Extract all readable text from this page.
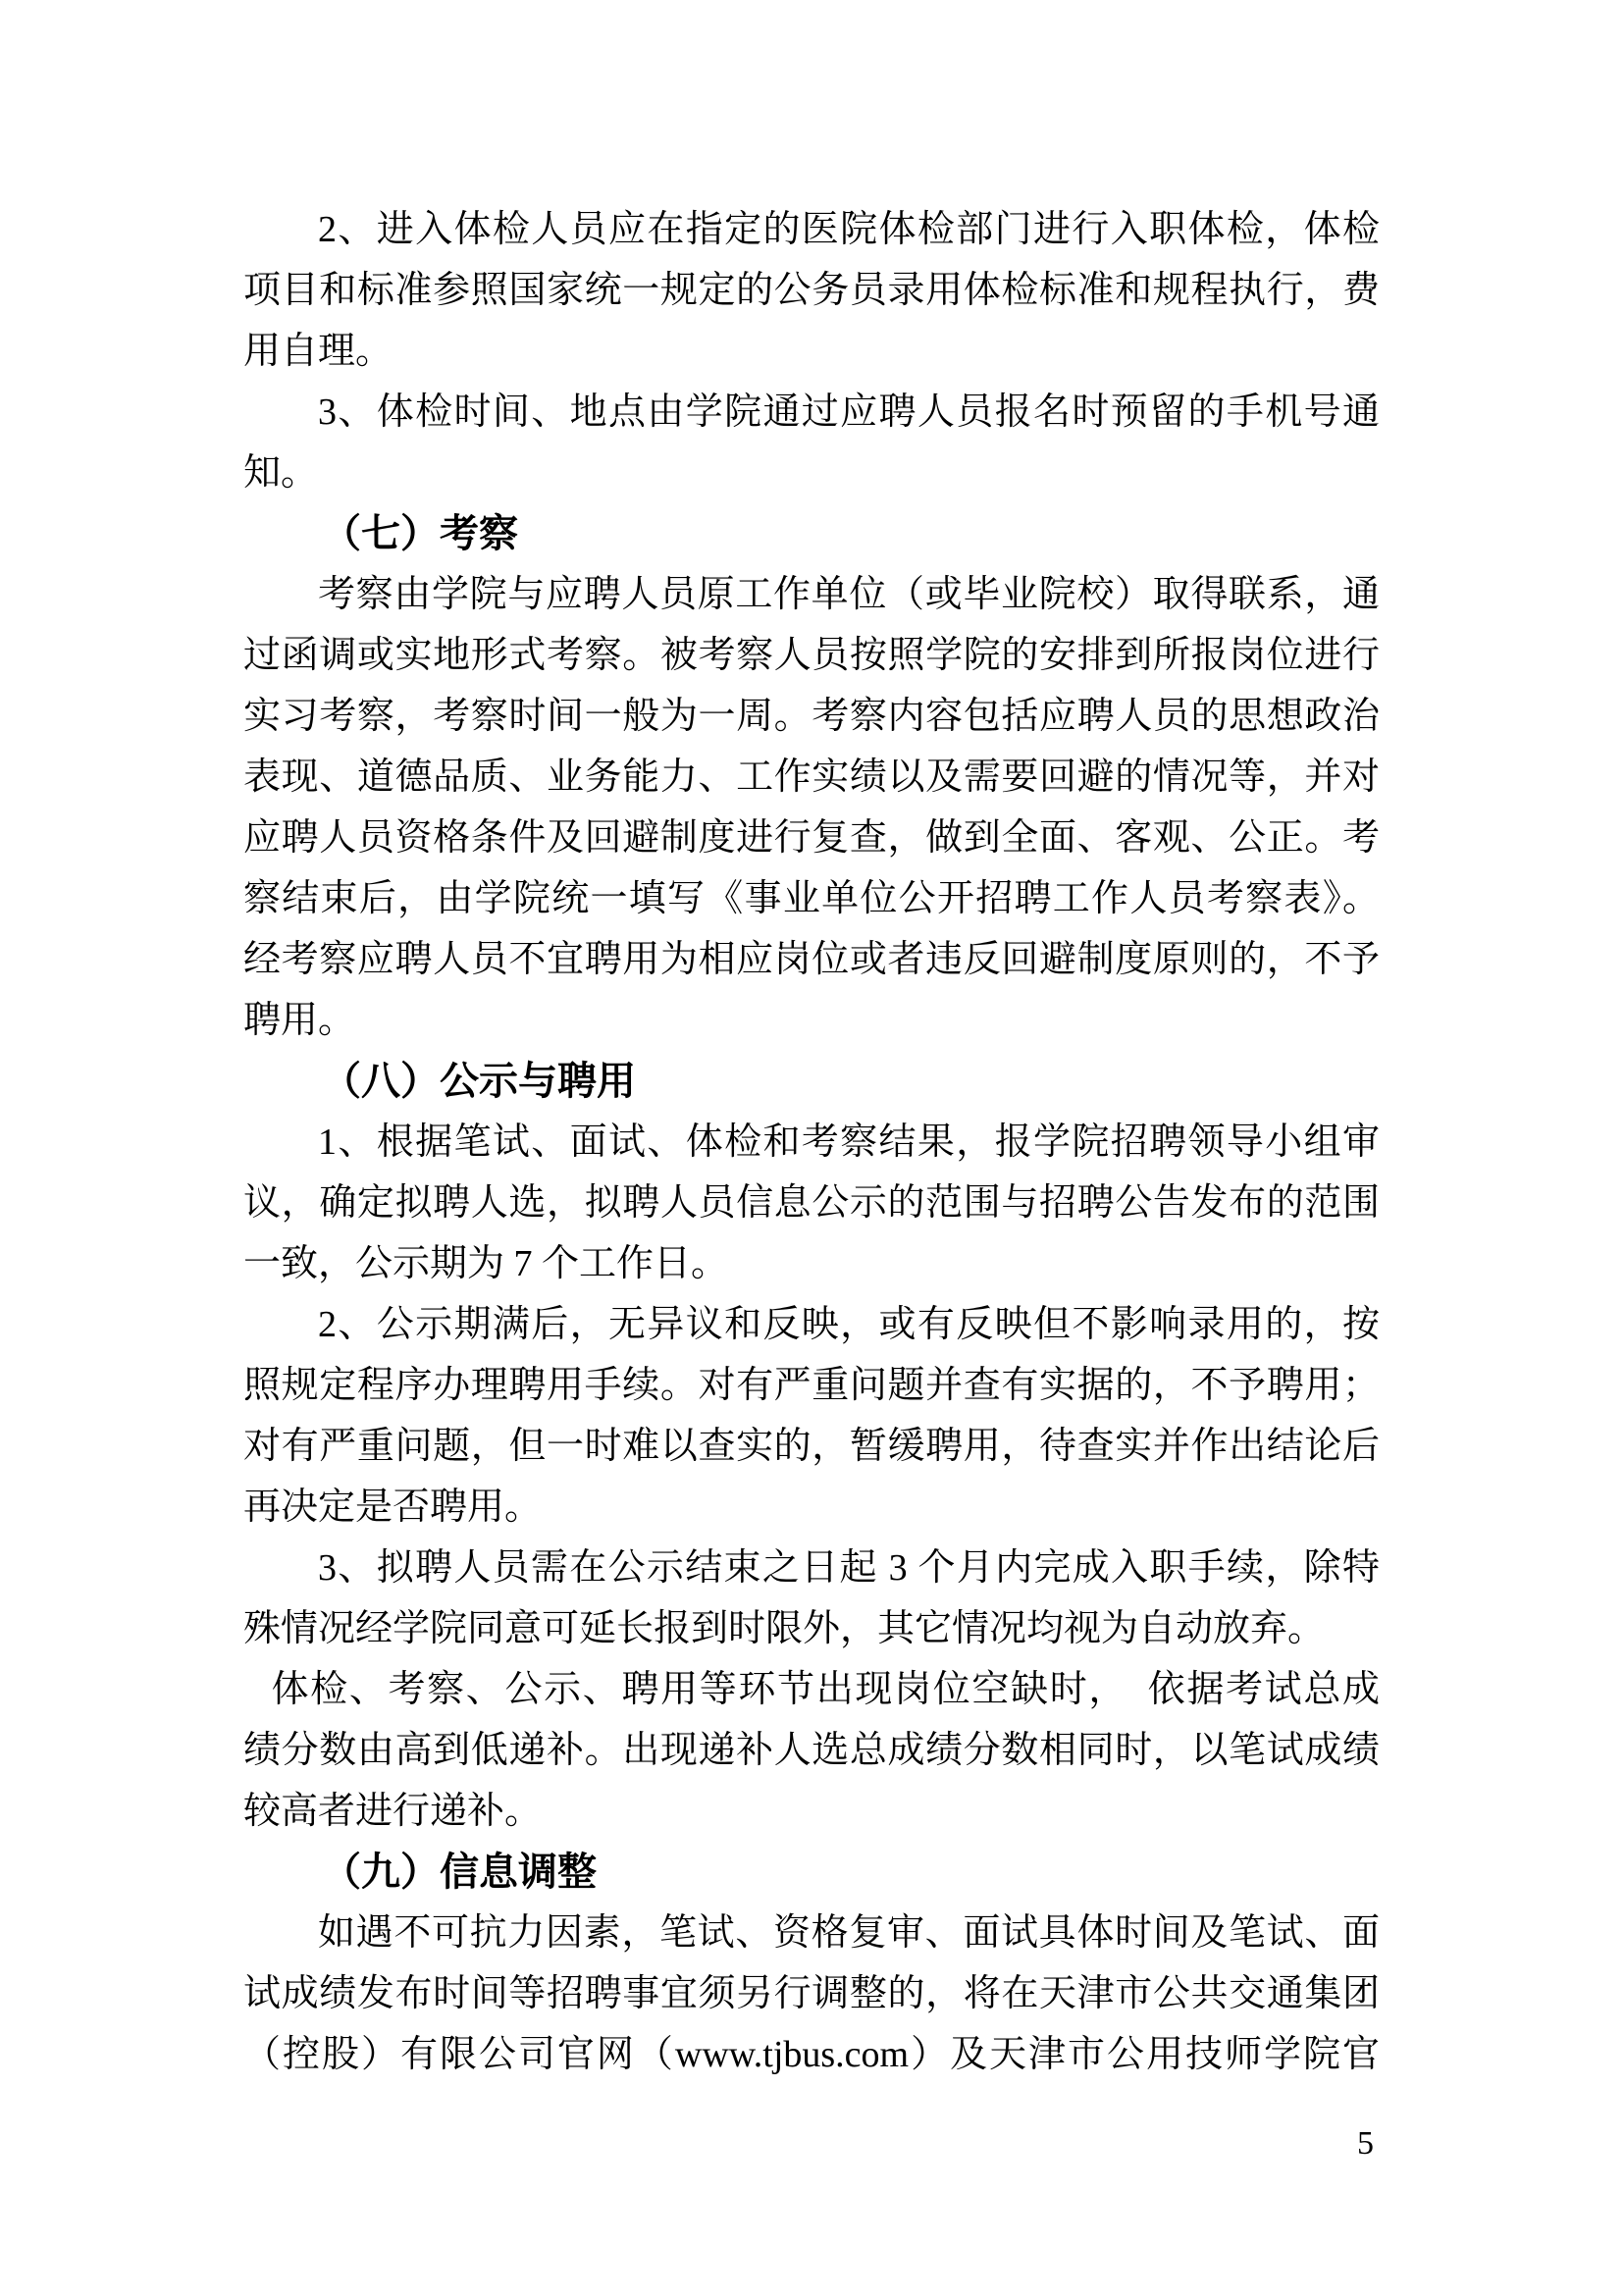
2、进入体检人员应在指定的医院体检部门进行入职体检，体检
项目和标准参照国家统一规定的公务员录用体检标准和规程执行，费
用自理。
3、体检时间、地点由学院通过应聘人员报名时预留的手机号通
知。
（七）考察
考察由学院与应聘人员原工作单位（或毕业院校）取得联系，通
过函调或实地形式考察。被考察人员按照学院的安排到所报岗位进行
实习考察，考察时间一般为一周。考察内容包括应聘人员的思想政治
表现、道德品质、业务能力、工作实绩以及需要回避的情况等，并对
应聘人员资格条件及回避制度进行复查，做到全面、客观、公正。考
察结束后，由学院统一填写《事业单位公开招聘工作人员考察表》。
经考察应聘人员不宜聘用为相应岗位或者违反回避制度原则的，不予
聘用。
（八）公示与聘用
1、根据笔试、面试、体检和考察结果，报学院招聘领导小组审
议，确定拟聘人选，拟聘人员信息公示的范围与招聘公告发布的范围
一致，公示期为 7 个工作日。
2、公示期满后，无异议和反映，或有反映但不影响录用的，按
照规定程序办理聘用手续。对有严重问题并查有实据的，不予聘用；
对有严重问题，但一时难以查实的，暂缓聘用，待查实并作出结论后
再决定是否聘用。
3、拟聘人员需在公示结束之日起 3 个月内完成入职手续，除特
殊情况经学院同意可延长报到时限外，其它情况均视为自动放弃。
体检、考察、公示、聘用等环节出现岗位空缺时，　依据考试总成
绩分数由高到低递补。出现递补人选总成绩分数相同时，以笔试成绩
较高者进行递补。
（九）信息调整
如遇不可抗力因素，笔试、资格复审、面试具体时间及笔试、面
试成绩发布时间等招聘事宜须另行调整的，将在天津市公共交通集团
（控股）有限公司官网（www.tjbus.com）及天津市公用技师学院官
5
